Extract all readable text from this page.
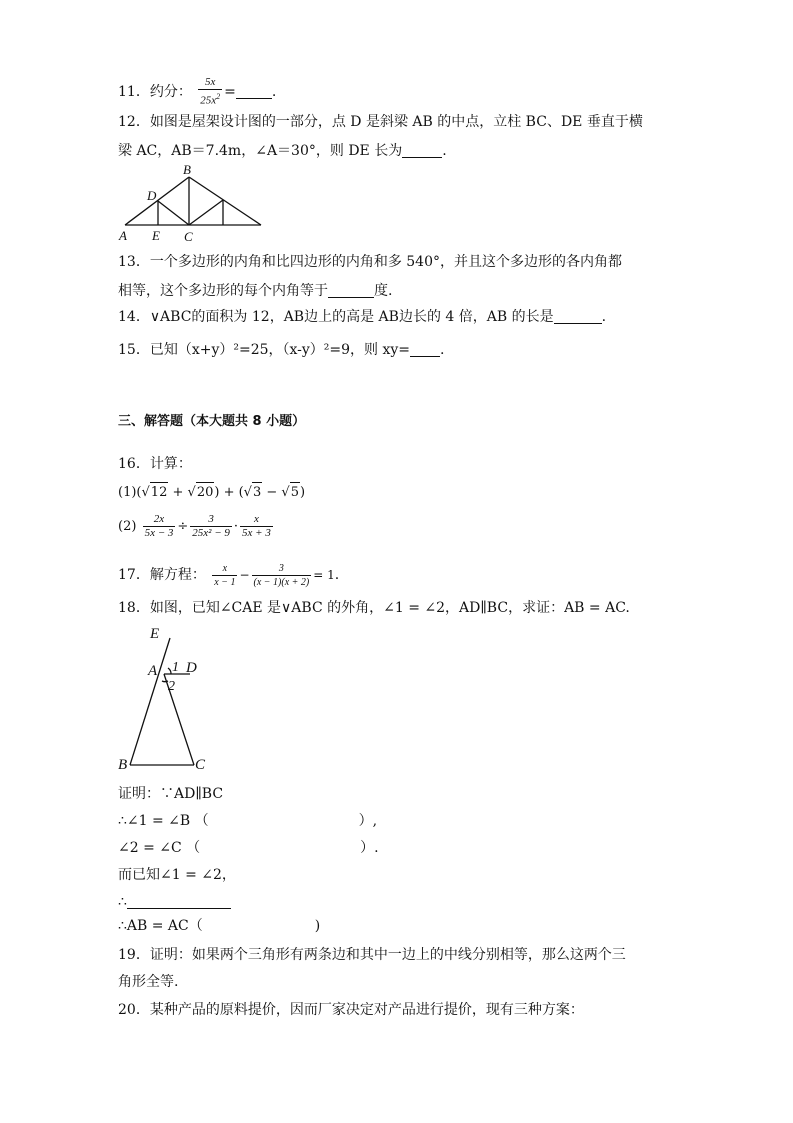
11．约分： $\frac{5x}{25x^2}$ =	.
12．如图是屋架设计图的一部分，点 D 是斜梁 AB 的中点，立柱 BC、DE 垂直于横
梁 AC，AB＝7.4m，∠A＝30°，则 DE 长为	.
B
D
A E C
13．一个多边形的内角和比四边形的内角和多 540°，并且这个多边形的各内角都
相等，这个多边形的每个内角等于	度.
14．∨ABC的面积为 12，AB边上的高是 AB边长的 4 倍，AB 的长是	.
15．已知（x+y）²=25，（x-y）²=9，则 xy= .
三、解答题（本大题共 8 小题）
16．计算：
(1)(√12 + √20) + (√3 − √5)
$(2) \frac{2x}{5x - 3} \div \frac{3}{\text{25x² − 9}} \cdot \frac{x}{5x + 3}$
17．解方程： $\frac{x}{x - 1} - \frac{3}{(x - 1)(x + 2)} = 1$.
18．如图，已知∠CAE 是∨ABC 的外角，∠1 = ∠2，AD∥BC，求证：AB = AC.
E
A 1 D
2
B	C
证明：∵AD∥BC
∴∠1 = ∠B （	）,
∠2 = ∠C （	）.
而已知∠1 = ∠2，
∴
∴AB = AC（	)
19．证明：如果两个三角形有两条边和其中一边上的中线分别相等，那么这两个三
角形全等.
20．某种产品的原料提价，因而厂家决定对产品进行提价，现有三种方案：
